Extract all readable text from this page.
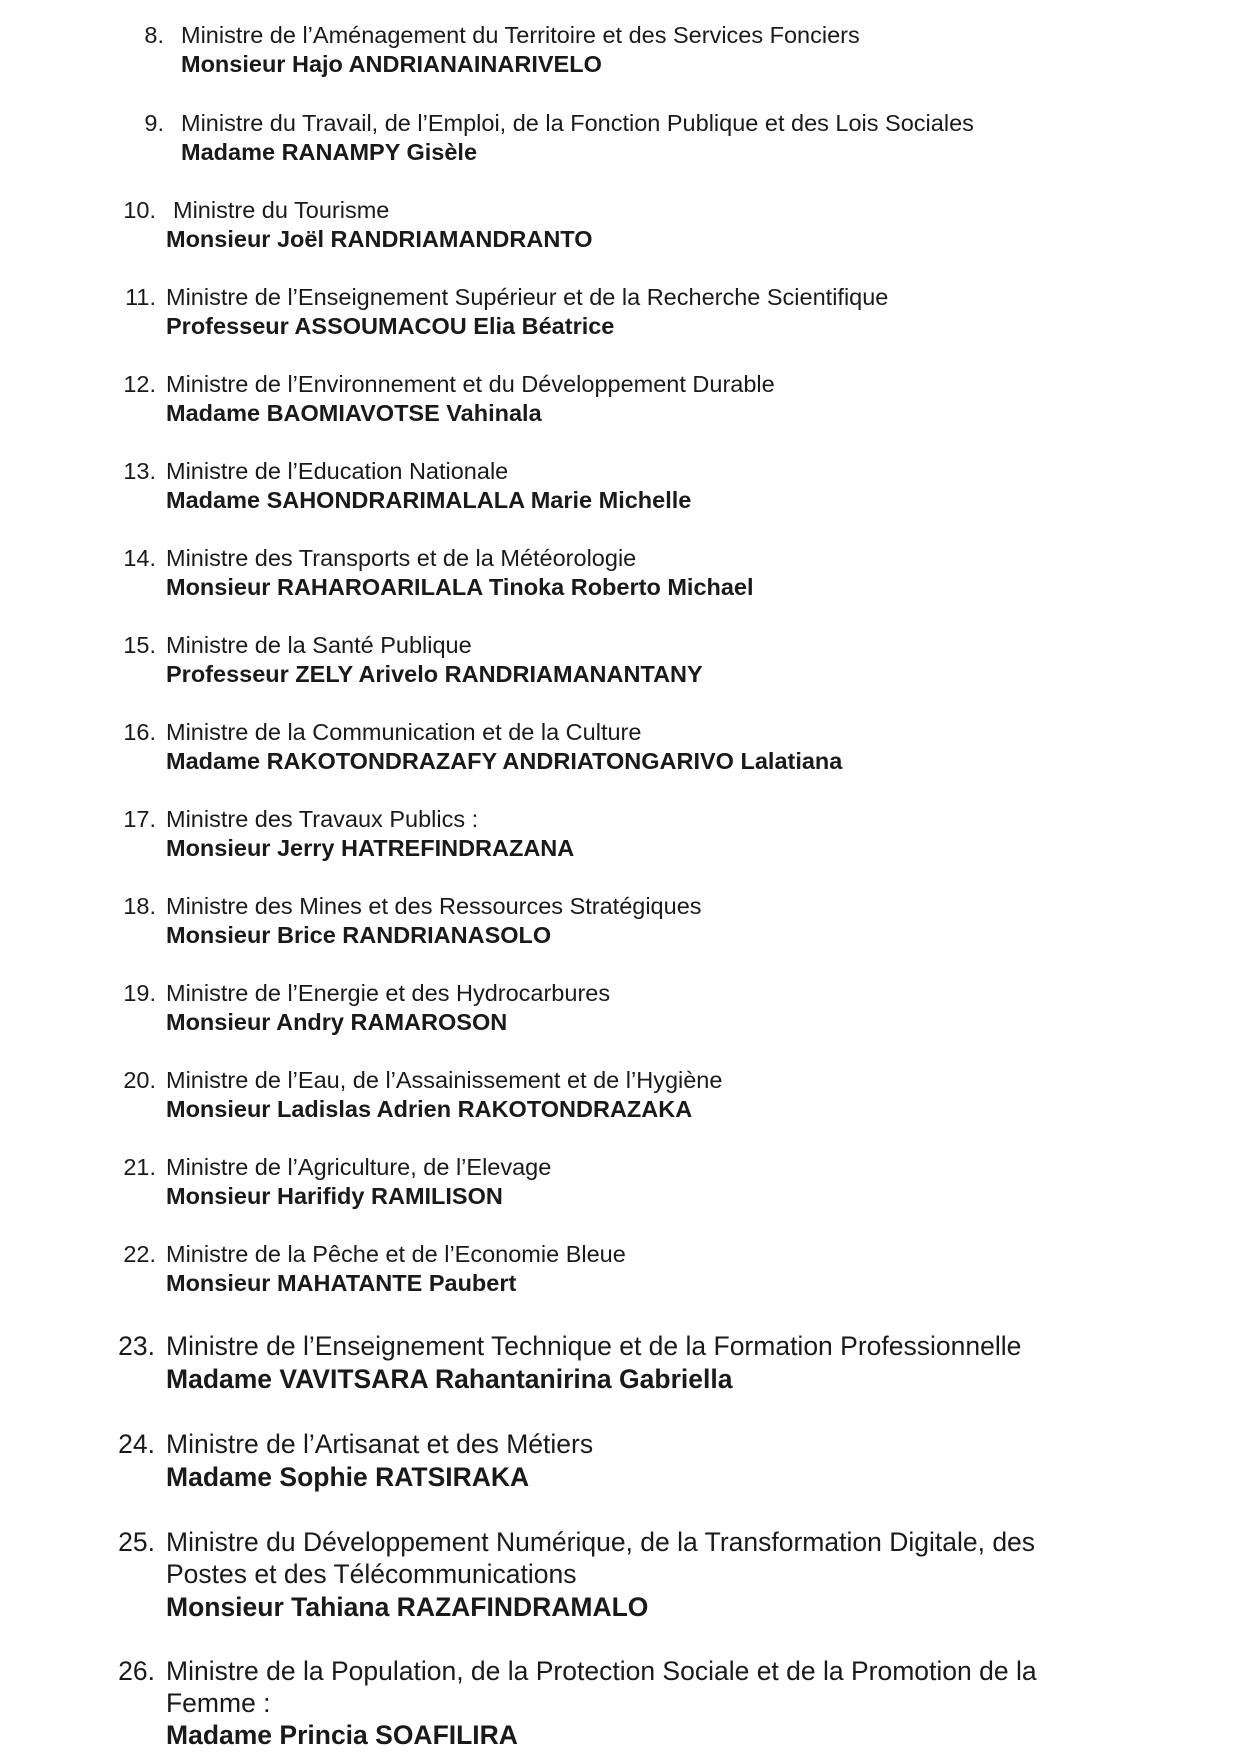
8. Ministre de l’Aménagement du Territoire et des Services Fonciers
Monsieur Hajo ANDRIANAINARIVELO
9. Ministre du Travail, de l’Emploi, de la Fonction Publique et des Lois Sociales
Madame RANAMPY Gisèle
10. Ministre du Tourisme
Monsieur Joël RANDRIAMANDRANTO
11. Ministre de l’Enseignement Supérieur et de la Recherche Scientifique
Professeur ASSOUMACOU Elia Béatrice
12. Ministre de l’Environnement et du Développement Durable
Madame BAOMIAVOTSE Vahinala
13. Ministre de l’Education Nationale
Madame SAHONDRARIMALALA Marie Michelle
14. Ministre des Transports et de la Météorologie
Monsieur RAHAROARILALA Tinoka Roberto Michael
15. Ministre de la Santé Publique
Professeur ZELY Arivelo RANDRIAMANANTANY
16. Ministre de la Communication et de la Culture
Madame RAKOTONDRAZAFY ANDRIATONGARIVO Lalatiana
17. Ministre des Travaux Publics :
Monsieur Jerry HATREFINDRAZANA
18. Ministre des Mines et des Ressources Stratégiques
Monsieur Brice RANDRIANASOLO
19. Ministre de l’Energie et des Hydrocarbures
Monsieur Andry RAMAROSON
20. Ministre de l’Eau, de l’Assainissement et de l’Hygiène
Monsieur Ladislas Adrien RAKOTONDRAZAKA
21. Ministre de l’Agriculture, de l’Elevage
Monsieur Harifidy RAMILISON
22. Ministre de la Pêche et de l’Economie Bleue
Monsieur MAHATANTE Paubert
23. Ministre de l’Enseignement Technique et de la Formation Professionnelle
Madame VAVITSARA Rahantanirina Gabriella
24. Ministre de l’Artisanat et des Métiers
Madame Sophie RATSIRAKA
25. Ministre du Développement Numérique, de la Transformation Digitale, des
Postes et des Télécommunications
Monsieur Tahiana RAZAFINDRAMALO
26. Ministre de la Population, de la Protection Sociale et de la Promotion de la
Femme :
Madame Princia SOAFILIRA
